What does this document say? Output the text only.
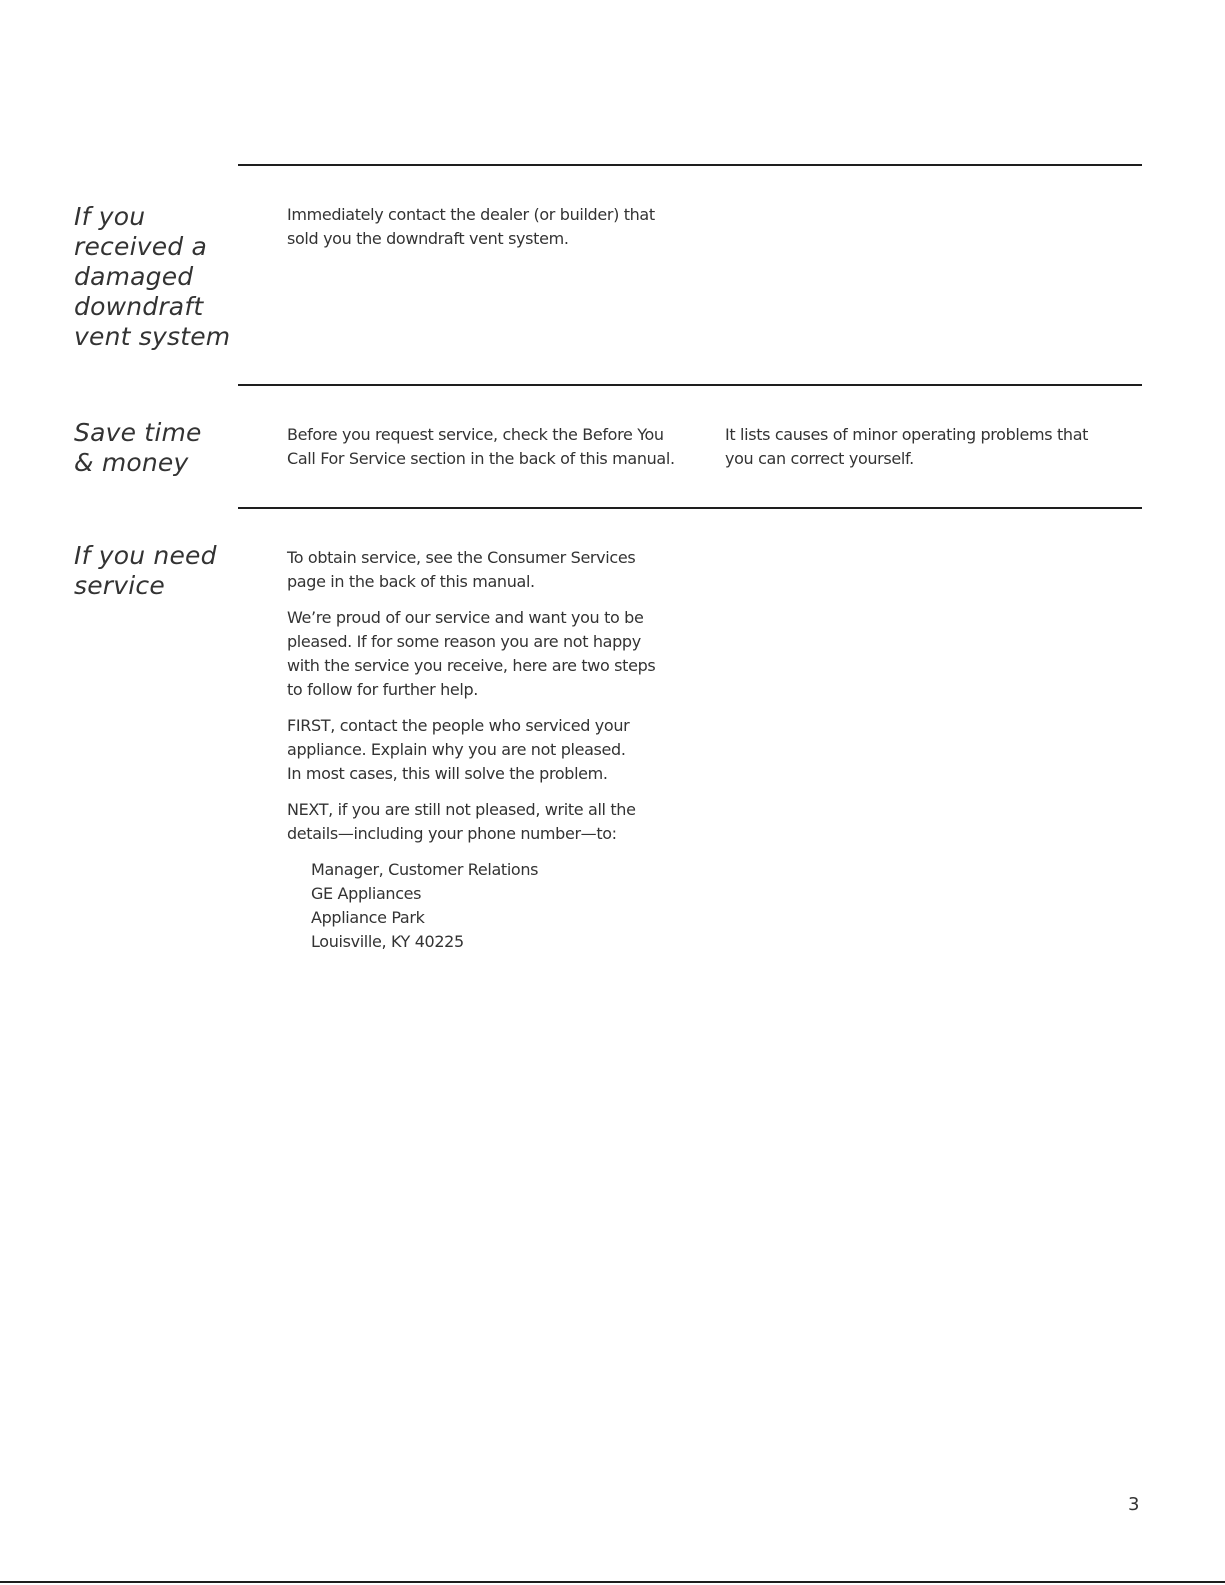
If you
received a
damaged
downdraft
vent system
Immediately contact the dealer (or builder) that
sold you the downdraft vent system.
Save time
& money
Before you request service, check the Before You
Call For Service section in the back of this manual.
It lists causes of minor operating problems that
you can correct yourself.
If you need
service
To obtain service, see the Consumer Services
page in the back of this manual.
We’re proud of our service and want you to be
pleased. If for some reason you are not happy
with the service you receive, here are two steps
to follow for further help.
FIRST, contact the people who serviced your
appliance. Explain why you are not pleased.
In most cases, this will solve the problem.
NEXT, if you are still not pleased, write all the
details—including your phone number—to:
Manager, Customer Relations
GE Appliances
Appliance Park
Louisville, KY 40225
3
